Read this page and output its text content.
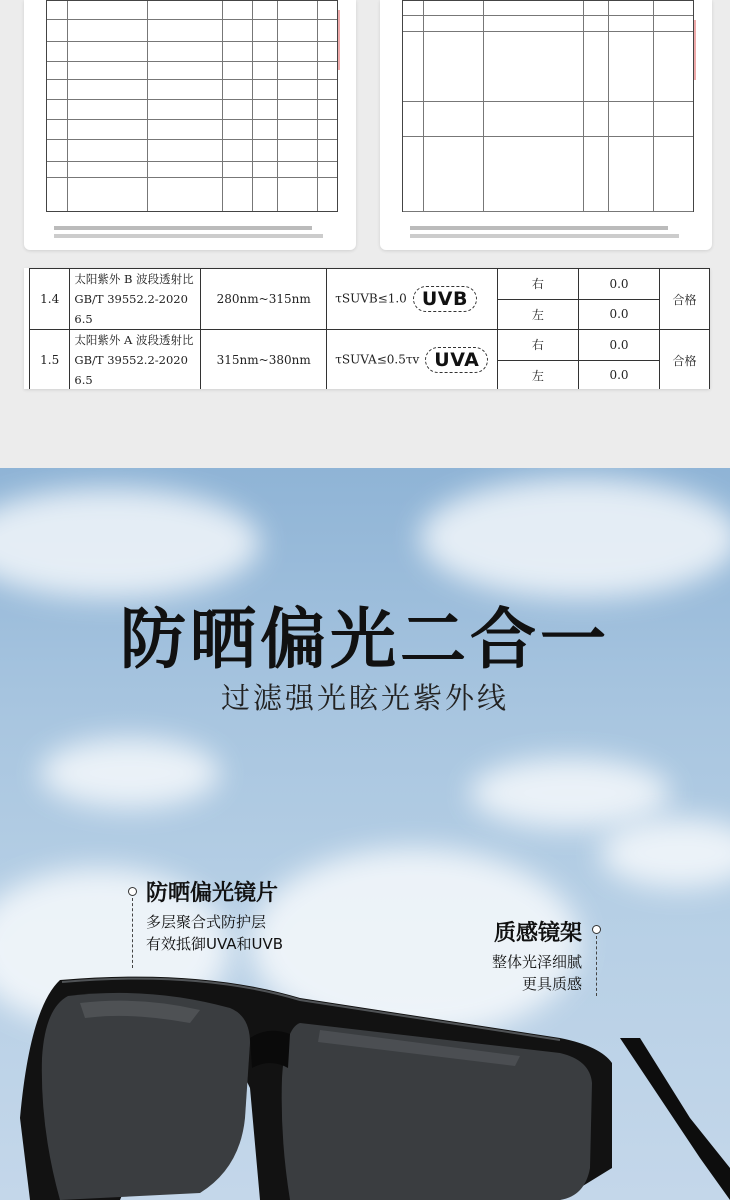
1.4	太阳紫外 B 波段透射比
GB/T 39552.2-2020 6.5	280nm~315nm	τSUVB≤1.0 UVB	右	0.0	合格
				左	0.0	
1.5	太阳紫外 A 波段透射比
GB/T 39552.2-2020 6.5	315nm~380nm	τSUVA≤0.5τv UVA	右	0.0	合格
				左	0.0	
防晒偏光二合一
过滤强光眩光紫外线
防晒偏光镜片
多层聚合式防护层
有效抵御UVA和UVB	质感镜架
整体光泽细腻
更具质感
